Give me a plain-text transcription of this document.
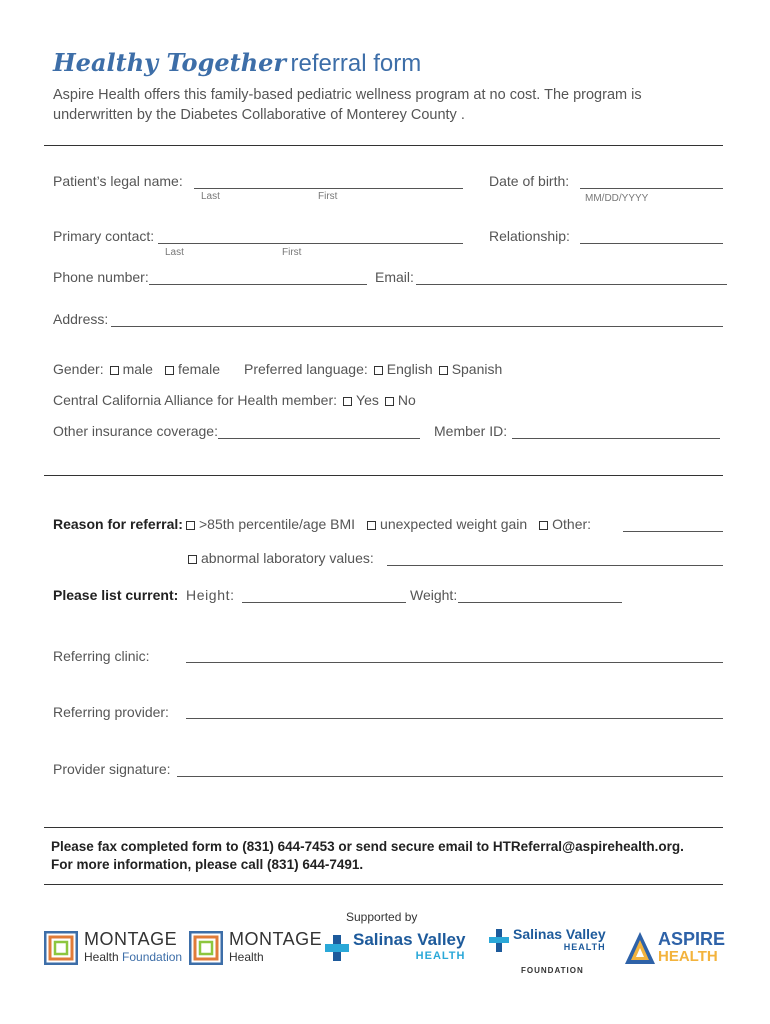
Healthy Together referral form
Aspire Health offers this family-based pediatric wellness program at no cost. The program is underwritten by the Diabetes Collaborative of Monterey County .
Patient’s legal name:
Last	First
Date of birth:
MM/DD/YYYY
Primary contact:
Last	First
Relationship:
Phone number:	Email:
Address:
Gender: male female Preferred language: English Spanish
Central California Alliance for Health member: Yes No
Other insurance coverage:	Member ID:
Reason for referral:	>85th percentile/age BMI unexpected weight gain Other:
abnormal laboratory values:
Please list current: Height:	Weight:
Referring clinic:
Referring provider:
Provider signature:
Please fax completed form to (831) 644-7453 or send secure email to HTReferral@aspirehealth.org.
For more information, please call (831) 644-7491.
Supported by
MONTAGE
Health Foundation
MONTAGE
Health
Salinas Valley
HEALTH
Salinas Valley
HEALTH
FOUNDATION
ASPIRE
HEALTH
